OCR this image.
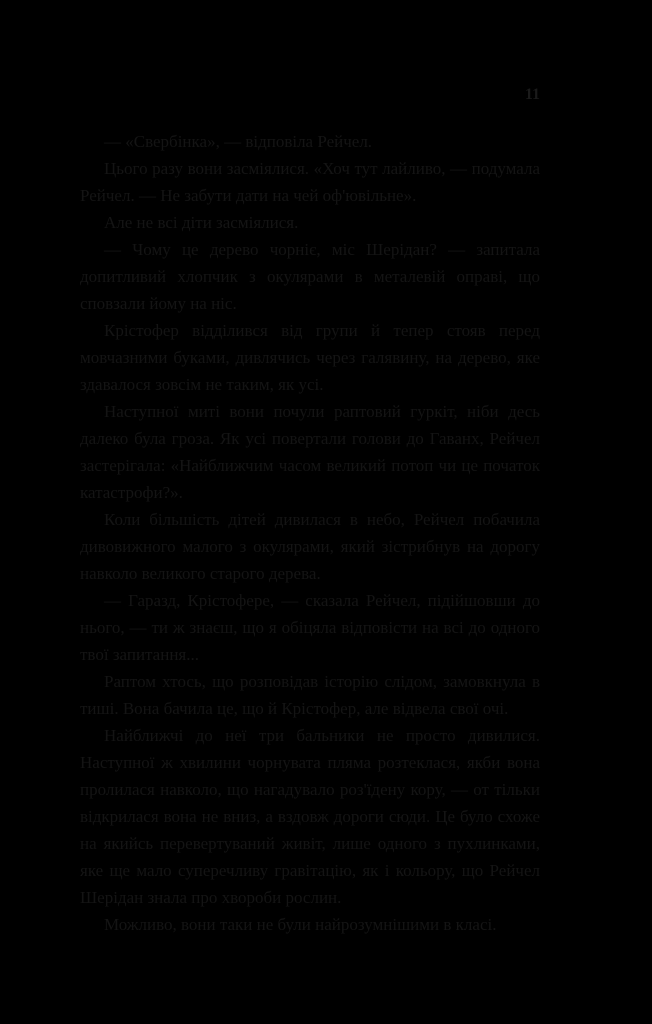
11

— «Свербінка», — відповіла Рейчел.

Цього разу вони засміялися. «Хоч тут лайливо, — подумала Рейчел. — Не забути дати на чей оф'ювільне».

Але не всі діти засміялися.

— Чому це дерево чорніє, міс Шерідан? — запитала допитливий хлопчик з окулярами в металевій оправі, що сповзали йому на ніс.

Крістофер відділився від групи й тепер стояв перед мовчазними буками, дивлячись через галявину, на дерево, яке здавалося зовсім не таким, як усі.

Наступної миті вони почули раптовий гуркіт, ніби десь далеко була гроза. Як усі повертали голови до Гаванх, Рейчел застерігала: «Найближчим часом великий потоп чи це початок катастрофи?».

Коли більшість дітей дивилася в небо, Рейчел побачила дивовижного малого з окулярами, який зістрибнув на дорогу навколо великого старого дерева.

— Гаразд, Крістофере, — сказала Рейчел, підійшовши до нього, — ти ж знаєш, що я обіцяла відповісти на всі до одного твої запитання...

Раптом хтось, що розповідав історію слідом, замовкнула в тиші. Вона бачила це, що й Крістофер, але відвела свої очі.

Найближчі до неї три бальники не просто дивилися. Наступної ж хвилини чорнувата пляма розтеклася, якби вона пролилася навколо, що нагадувало роз'їдену кору, — от тільки відкрилася вона не вниз, а вздовж дороги сюди. Це було схоже на якийсь перевертуваний живіт, лише одного з пухлинками, яке ще мало суперечливу гравітацію, як і кольору, що Рейчел Шерідан знала про хвороби рослин.

Можливо, вони таки не були найрозумнішими в класі.
